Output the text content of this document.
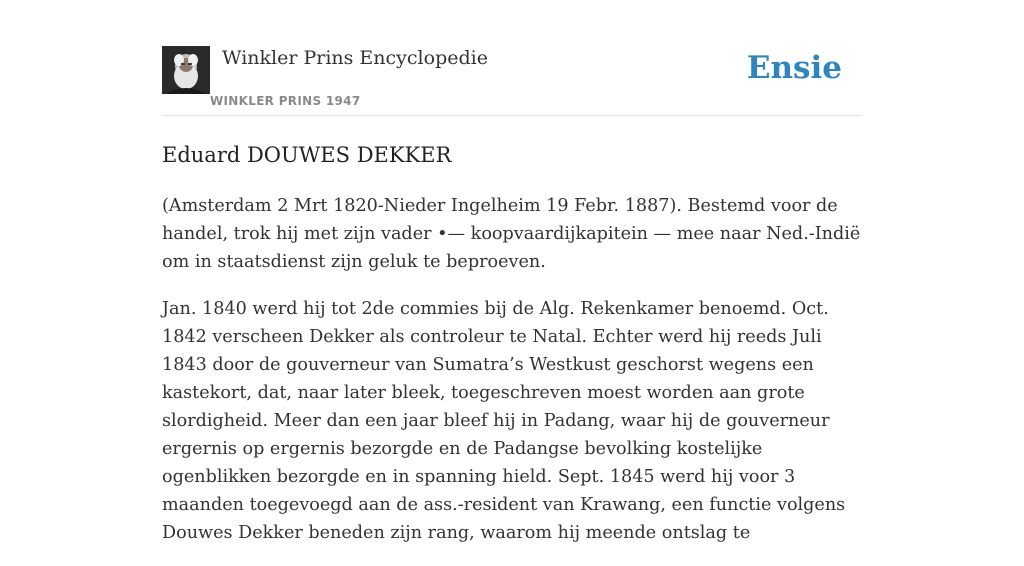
Winkler Prins Encyclopedie
WINKLER PRINS 1947
Ensie
Eduard DOUWES DEKKER

(Amsterdam 2 Mrt 1820-Nieder Ingelheim 19 Febr. 1887). Bestemd voor de handel, trok hij met zijn vader •— koopvaardijkapitein — mee naar Ned.-Indië om in staatsdienst zijn geluk te beproeven.

Jan. 1840 werd hij tot 2de commies bij de Alg. Rekenkamer benoemd. Oct. 1842 verscheen Dekker als controleur te Natal. Echter werd hij reeds Juli 1843 door de gouverneur van Sumatra’s Westkust geschorst wegens een kastekort, dat, naar later bleek, toegeschreven moest worden aan grote slordigheid. Meer dan een jaar bleef hij in Padang, waar hij de gouverneur ergernis op ergernis bezorgde en de Padangse bevolking kostelijke ogenblikken bezorgde en in spanning hield. Sept. 1845 werd hij voor 3 maanden toegevoegd aan de ass.-resident van Krawang, een functie volgens Douwes Dekker beneden zijn rang, waarom hij meende ontslag te
